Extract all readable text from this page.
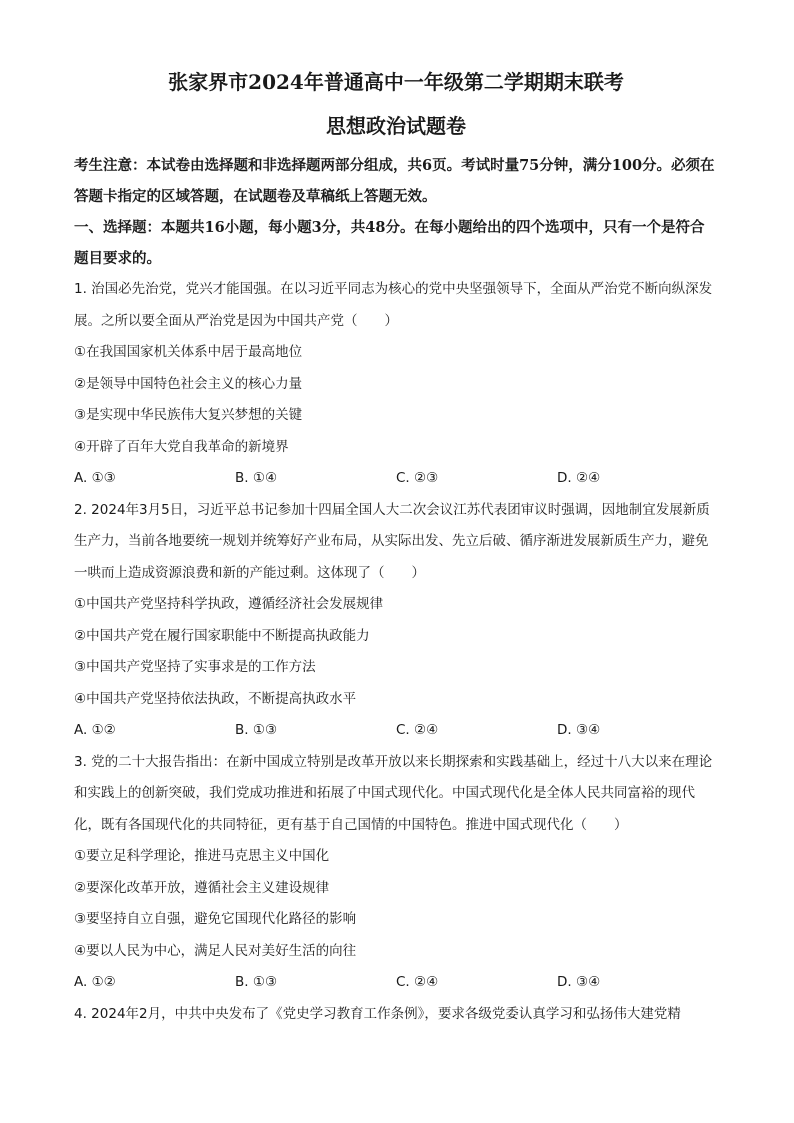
张家界市2024年普通高中一年级第二学期期末联考
思想政治试题卷
考生注意：本试卷由选择题和非选择题两部分组成，共6页。考试时量75分钟，满分100分。必须在答题卡指定的区域答题，在试题卷及草稿纸上答题无效。
一、选择题：本题共16小题，每小题3分，共48分。在每小题给出的四个选项中，只有一个是符合题目要求的。

1. 治国必先治党，党兴才能国强。在以习近平同志为核心的党中央坚强领导下，全面从严治党不断向纵深发展。之所以要全面从严治党是因为中国共产党（　　）

①在我国国家机关体系中居于最高地位

②是领导中国特色社会主义的核心力量

③是实现中华民族伟大复兴梦想的关键

④开辟了百年大党自我革命的新境界

A. ①③	B. ①④	C. ②③	D. ②④

2. 2024年3月5日，习近平总书记参加十四届全国人大二次会议江苏代表团审议时强调，因地制宜发展新质生产力，当前各地要统一规划并统筹好产业布局，从实际出发、先立后破、循序渐进发展新质生产力，避免一哄而上造成资源浪费和新的产能过剩。这体现了（　　）

①中国共产党坚持科学执政，遵循经济社会发展规律

②中国共产党在履行国家职能中不断提高执政能力

③中国共产党坚持了实事求是的工作方法

④中国共产党坚持依法执政，不断提高执政水平

A. ①②	B. ①③	C. ②④	D. ③④

3. 党的二十大报告指出：在新中国成立特别是改革开放以来长期探索和实践基础上，经过十八大以来在理论和实践上的创新突破，我们党成功推进和拓展了中国式现代化。中国式现代化是全体人民共同富裕的现代化，既有各国现代化的共同特征，更有基于自己国情的中国特色。推进中国式现代化（　　）

①要立足科学理论，推进马克思主义中国化

②要深化改革开放，遵循社会主义建设规律

③要坚持自立自强，避免它国现代化路径的影响

④要以人民为中心，满足人民对美好生活的向往

A. ①②	B. ①③	C. ②④	D. ③④

4. 2024年2月，中共中央发布了《党史学习教育工作条例》，要求各级党委认真学习和弘扬伟大建党精
